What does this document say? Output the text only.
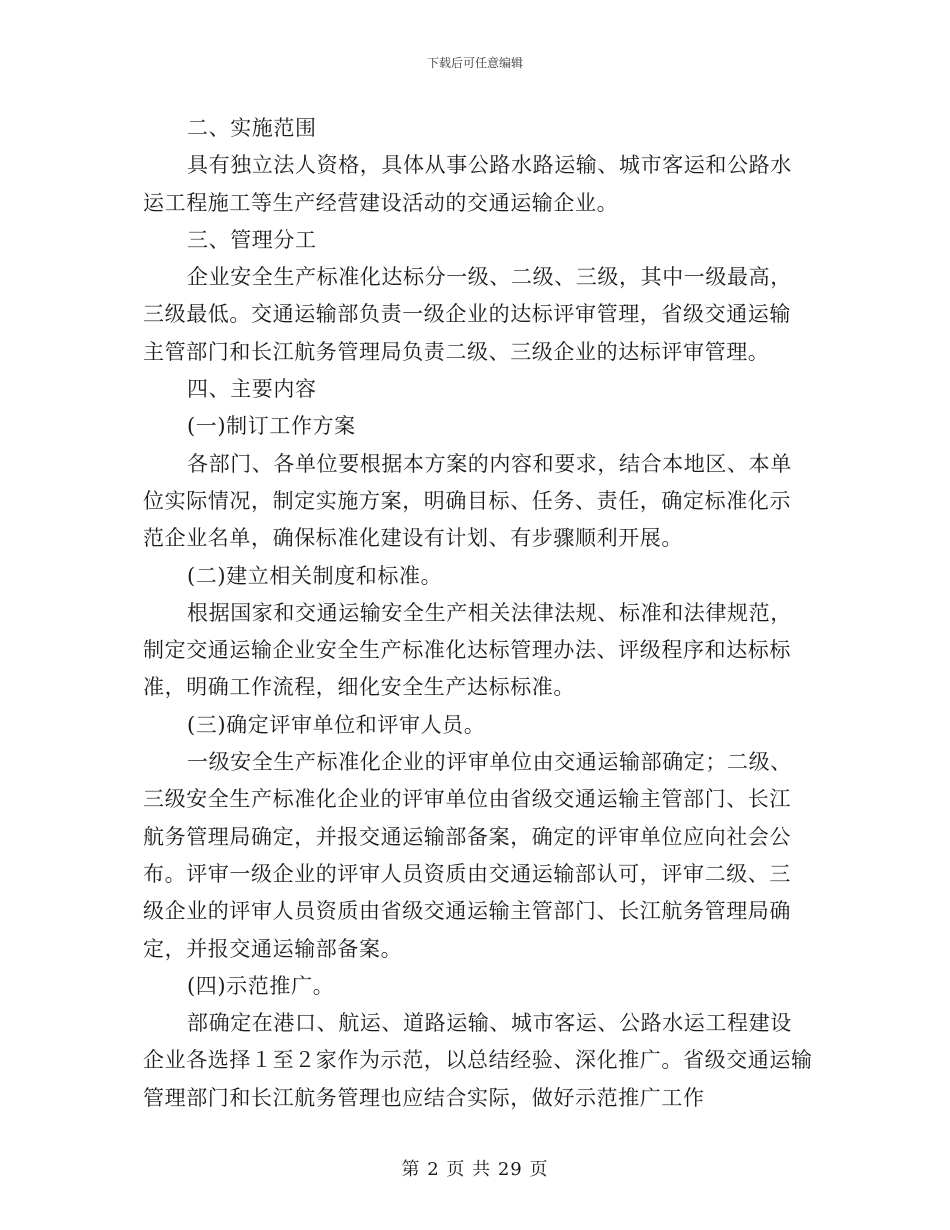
下载后可任意编辑
二、实施范围
具有独立法人资格，具体从事公路水路运输、城市客运和公路水
运工程施工等生产经营建设活动的交通运输企业。
三、管理分工
企业安全生产标准化达标分一级、二级、三级，其中一级最高，
三级最低。交通运输部负责一级企业的达标评审管理，省级交通运输
主管部门和长江航务管理局负责二级、三级企业的达标评审管理。
四、主要内容
(一)制订工作方案
各部门、各单位要根据本方案的内容和要求，结合本地区、本单
位实际情况，制定实施方案，明确目标、任务、责任，确定标准化示
范企业名单，确保标准化建设有计划、有步骤顺利开展。
(二)建立相关制度和标准。
根据国家和交通运输安全生产相关法律法规、标准和法律规范，
制定交通运输企业安全生产标准化达标管理办法、评级程序和达标标
准，明确工作流程，细化安全生产达标标准。
(三)确定评审单位和评审人员。
一级安全生产标准化企业的评审单位由交通运输部确定；二级、
三级安全生产标准化企业的评审单位由省级交通运输主管部门、长江
航务管理局确定，并报交通运输部备案，确定的评审单位应向社会公
布。评审一级企业的评审人员资质由交通运输部认可，评审二级、三
级企业的评审人员资质由省级交通运输主管部门、长江航务管理局确
定，并报交通运输部备案。
(四)示范推广。
部确定在港口、航运、道路运输、城市客运、公路水运工程建设
企业各选择１至２家作为示范，以总结经验、深化推广。省级交通运输
管理部门和长江航务管理也应结合实际，做好示范推广工作
第 2 页 共 29 页
